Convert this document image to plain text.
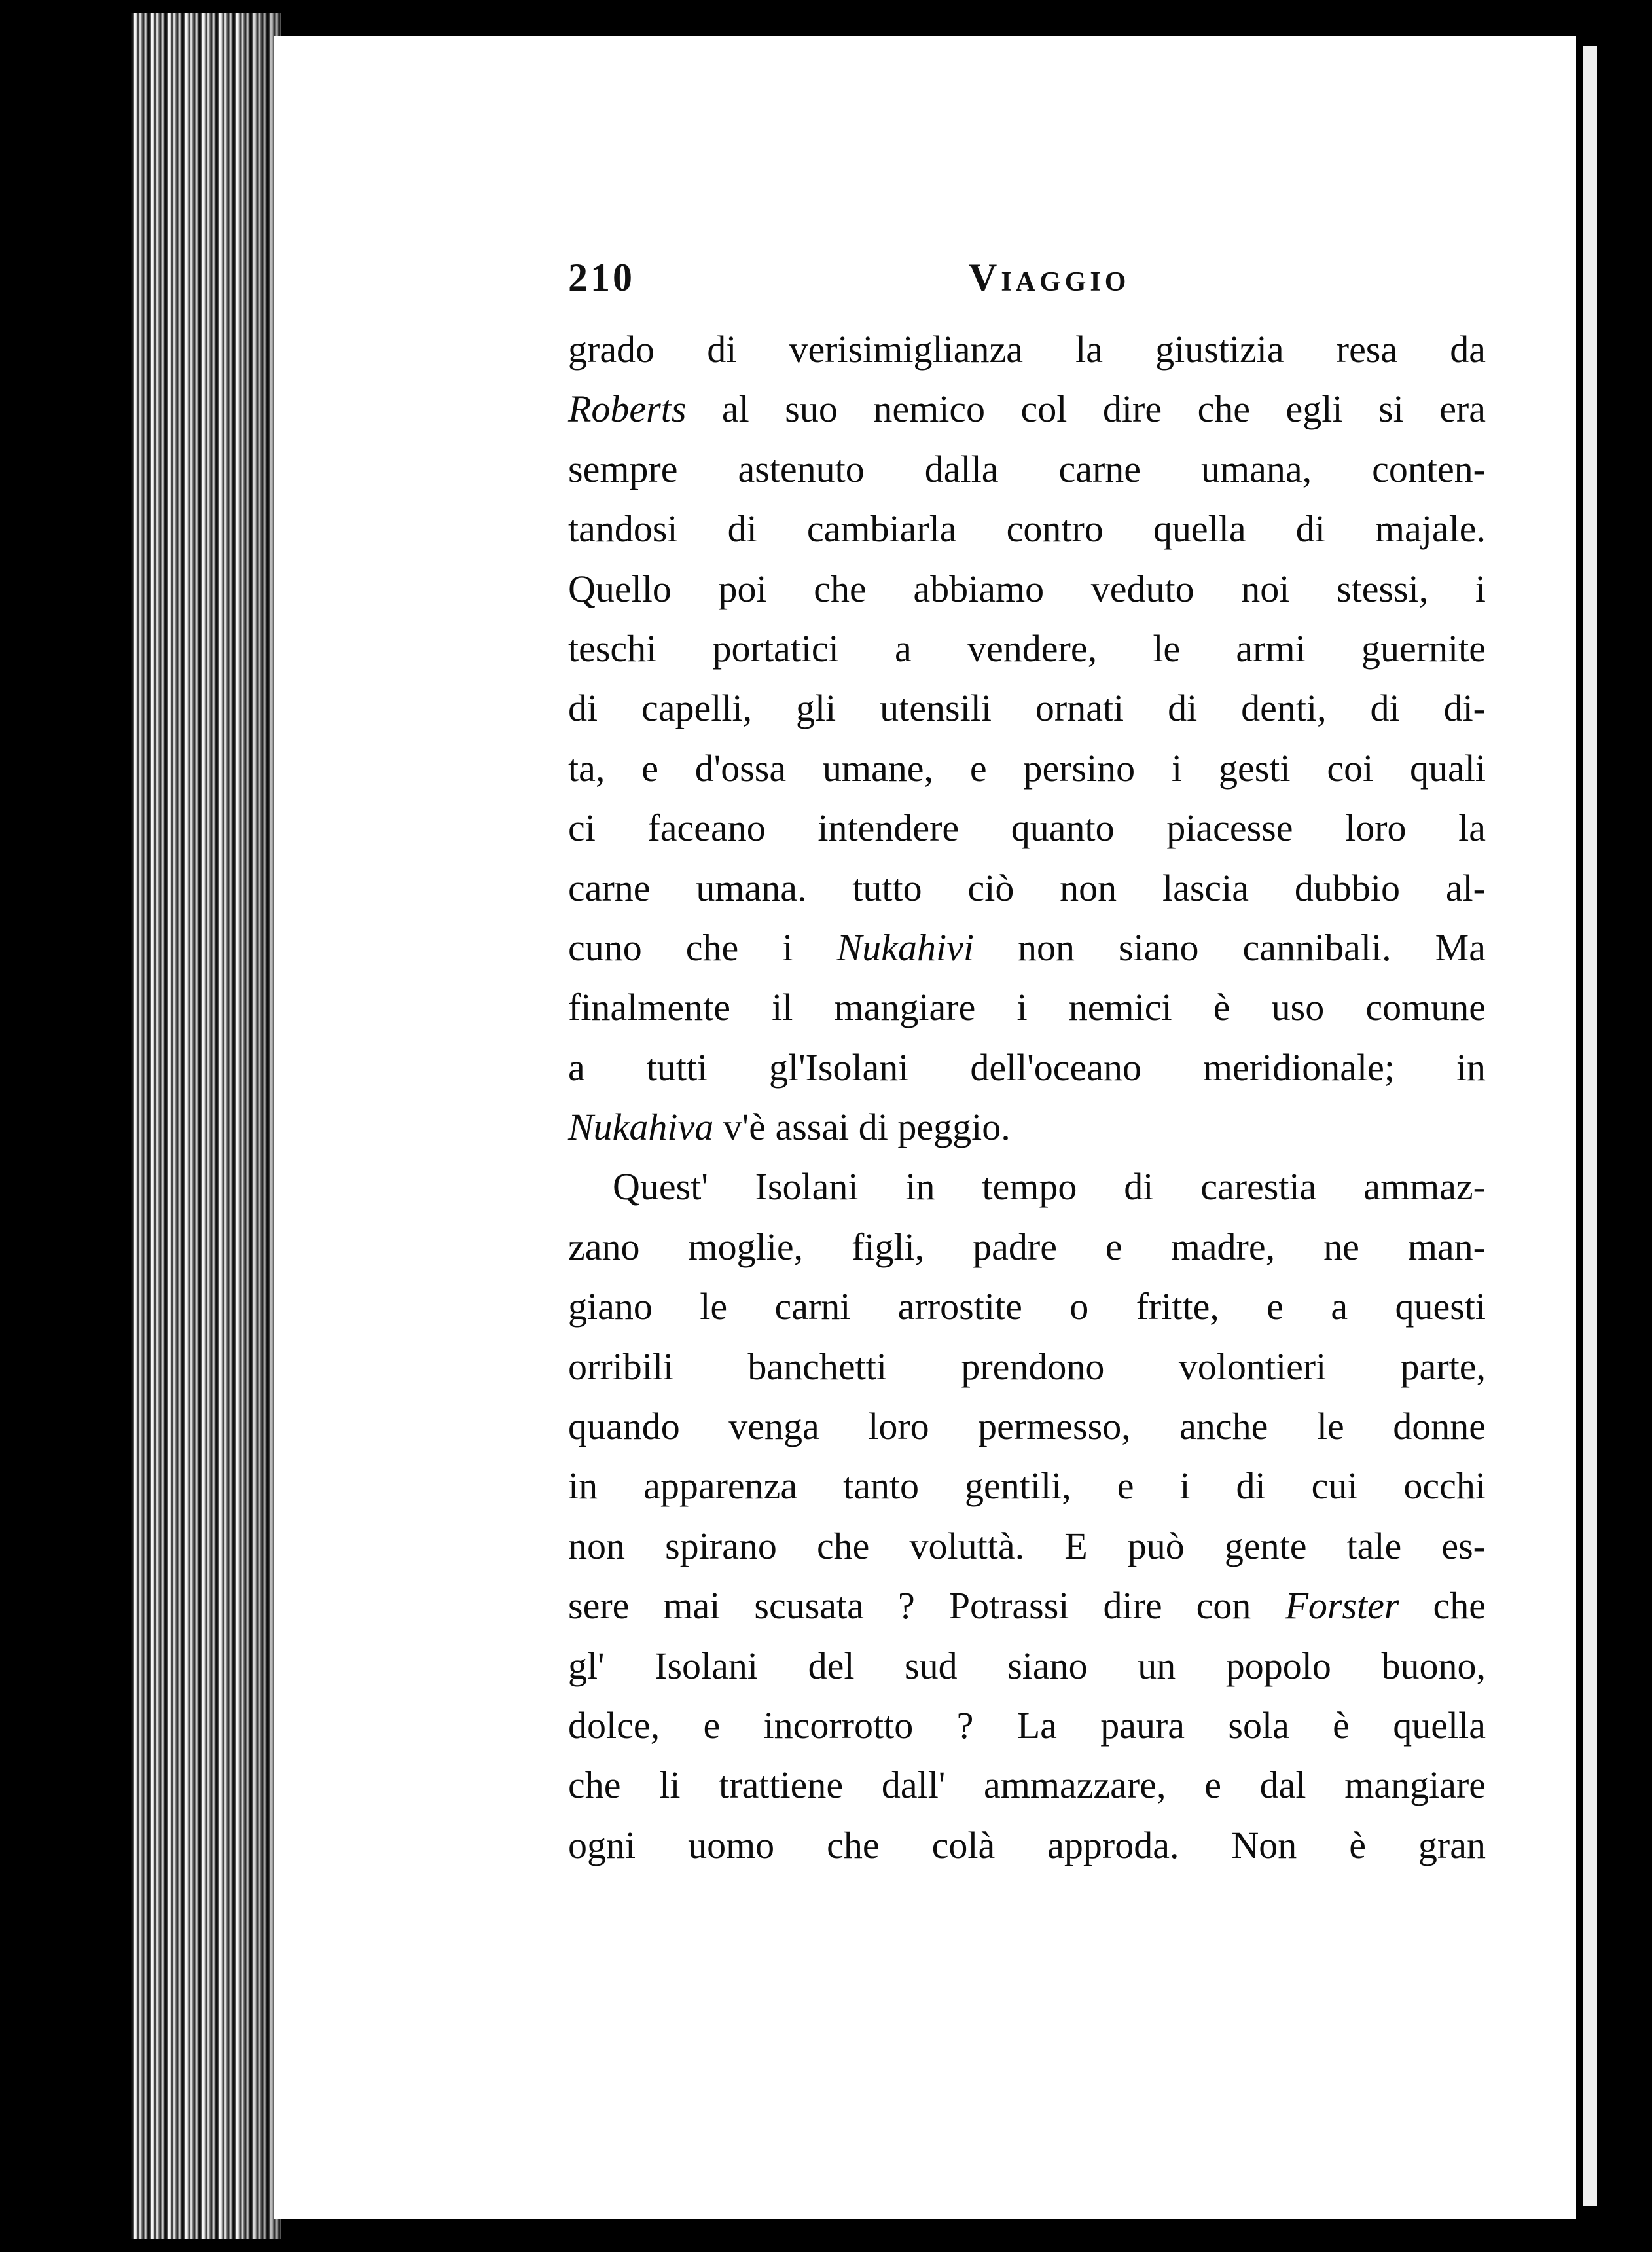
210	Viaggio
grado di verisimiglianza la giustizia resa da
Roberts al suo nemico col dire che egli si era
sempre astenuto dalla carne umana, conten-
tandosi di cambiarla contro quella di majale.
Quello poi che abbiamo veduto noi stessi, i
teschi portatici a vendere, le armi guernite
di capelli, gli utensili ornati di denti, di di-
ta, e d'ossa umane, e persino i gesti coi quali
ci faceano intendere quanto piacesse loro la
carne umana. tutto ciò non lascia dubbio al-
cuno che i Nukahivi non siano cannibali. Ma
finalmente il mangiare i nemici è uso comune
a tutti gl'Isolani dell'oceano meridionale; in
Nukahiva v'è assai di peggio.
Quest' Isolani in tempo di carestia ammaz-
zano moglie, figli, padre e madre, ne man-
giano le carni arrostite o fritte, e a questi
orribili banchetti prendono volontieri parte,
quando venga loro permesso, anche le donne
in apparenza tanto gentili, e i di cui occhi
non spirano che voluttà. E può gente tale es-
sere mai scusata ? Potrassi dire con Forster che
gl' Isolani del sud siano un popolo buono,
dolce, e incorrotto ? La paura sola è quella
che li trattiene dall' ammazzare, e dal mangiare
ogni uomo che colà approda. Non è gran
